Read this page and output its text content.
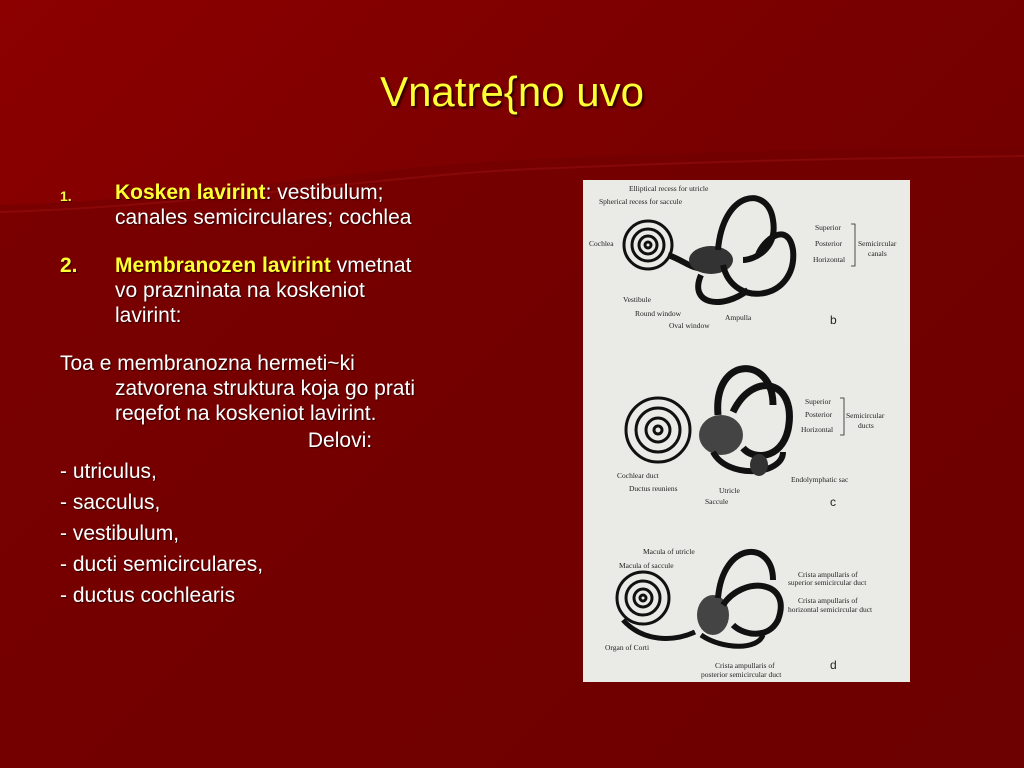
Vnatre{no uvo
1. Kosken lavirint: vestibulum;
canales semicirculares; cochlea
2. Membranozen lavirint vmetnat
vo prazninata na koskeniot
lavirint:
Toa e membranozna hermeti~ki
zatvorena struktura koja go prati
reqefot na koskeniot lavirint.
Delovi:
- utriculus,
- sacculus,
- vestibulum,
- ducti semicirculares,
- ductus cochlearis
Elliptical recess for utricle
Spherical recess for saccule
Cochlea
Superior
Posterior
Horizontal
Semicircular
canals
Vestibule
Round window
Oval window
Ampulla	b
Superior
Posterior
Horizontal
Semicircular
ducts
Cochlear duct
Ductus reuniens	Utricle
Saccule
Endolymphatic sac
c
Macula of utricle
Macula of saccule
Crista ampullaris of
superior semicircular duct
Crista ampullaris of
horizontal semicircular duct
Organ of Corti
Crista ampullaris of
posterior semicircular duct
d
